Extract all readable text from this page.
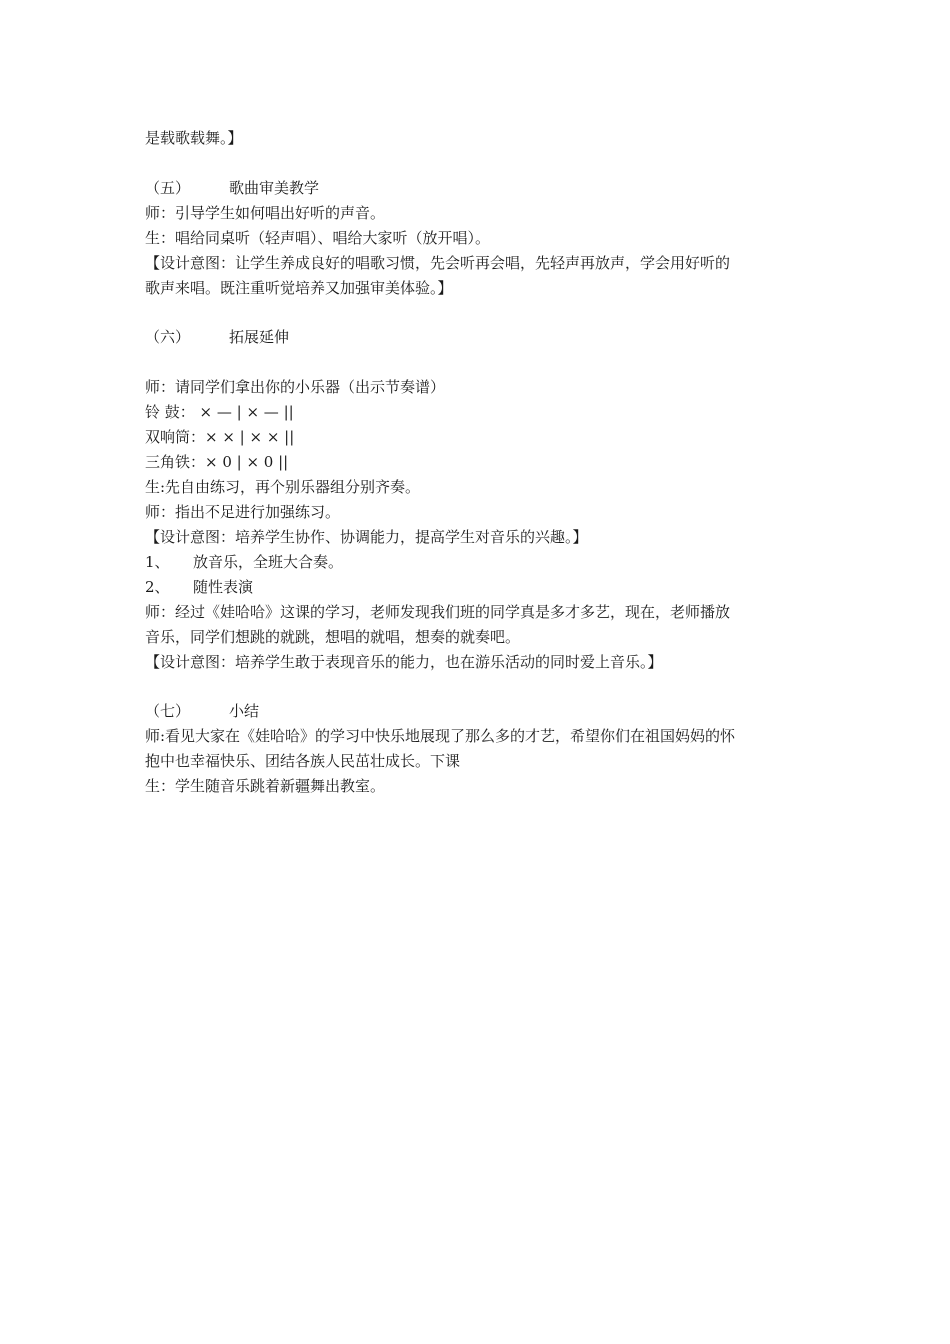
是载歌载舞。】
（五）	歌曲审美教学
师：引导学生如何唱出好听的声音。
生：唱给同桌听（轻声唱）、唱给大家听（放开唱）。
【设计意图：让学生养成良好的唱歌习惯，先会听再会唱，先轻声再放声，学会用好听的
歌声来唱。既注重听觉培养又加强审美体验。】
（六）	拓展延伸
师：请同学们拿出你的小乐器（出示节奏谱）
铃 鼓： × — | × — ||
双响筒：× × | × × ||
三角铁：× 0 | × 0 ||
生:先自由练习，再个别乐器组分别齐奏。
师：指出不足进行加强练习。
【设计意图：培养学生协作、协调能力，提高学生对音乐的兴趣。】
1、 放音乐，全班大合奏。
2、 随性表演
师：经过《娃哈哈》这课的学习，老师发现我们班的同学真是多才多艺，现在，老师播放
音乐，同学们想跳的就跳，想唱的就唱，想奏的就奏吧。
【设计意图：培养学生敢于表现音乐的能力，也在游乐活动的同时爱上音乐。】
（七）	小结
师:看见大家在《娃哈哈》的学习中快乐地展现了那么多的才艺，希望你们在祖国妈妈的怀
抱中也幸福快乐、团结各族人民茁壮成长。下课
生：学生随音乐跳着新疆舞出教室。
